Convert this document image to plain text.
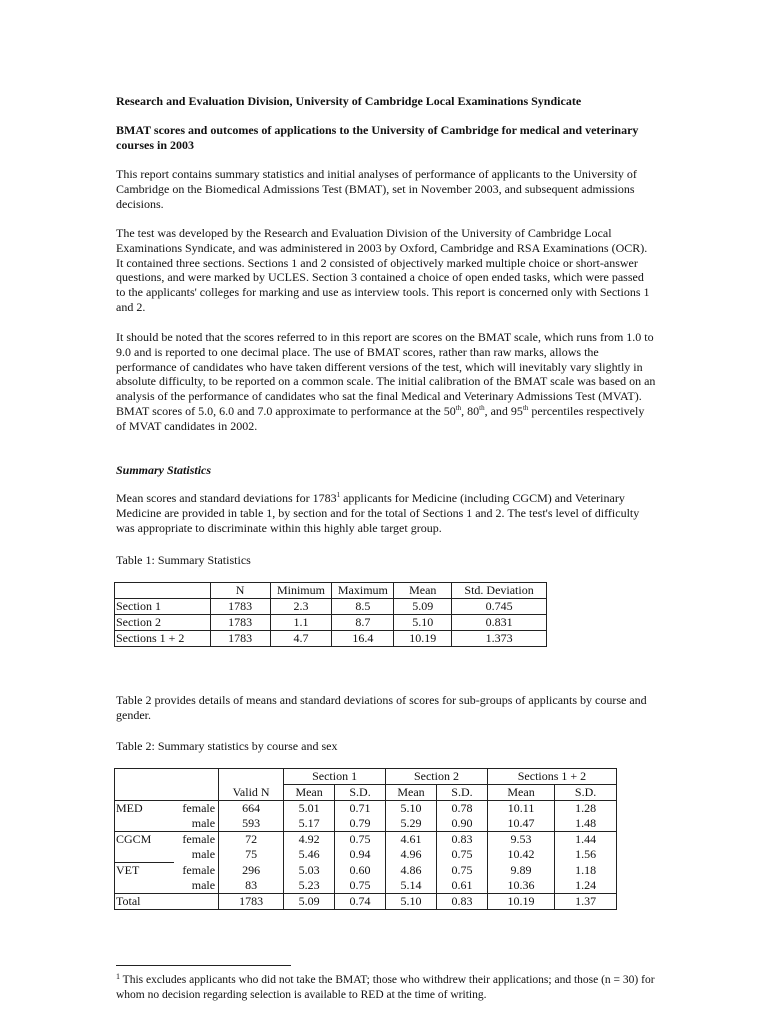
Research and Evaluation Division, University of Cambridge Local Examinations Syndicate

BMAT scores and outcomes of applications to the University of Cambridge for medical and veterinary courses in 2003

This report contains summary statistics and initial analyses of performance of applicants to the University of Cambridge on the Biomedical Admissions Test (BMAT), set in November 2003, and subsequent admissions decisions.

The test was developed by the Research and Evaluation Division of the University of Cambridge Local Examinations Syndicate, and was administered in 2003 by Oxford, Cambridge and RSA Examinations (OCR). It contained three sections. Sections 1 and 2 consisted of objectively marked multiple choice or short-answer questions, and were marked by UCLES. Section 3 contained a choice of open ended tasks, which were passed to the applicants' colleges for marking and use as interview tools. This report is concerned only with Sections 1 and 2.

It should be noted that the scores referred to in this report are scores on the BMAT scale, which runs from 1.0 to 9.0 and is reported to one decimal place. The use of BMAT scores, rather than raw marks, allows the performance of candidates who have taken different versions of the test, which will inevitably vary slightly in absolute difficulty, to be reported on a common scale. The initial calibration of the BMAT scale was based on an analysis of the performance of candidates who sat the final Medical and Veterinary Admissions Test (MVAT). BMAT scores of 5.0, 6.0 and 7.0 approximate to performance at the 50th, 80th, and 95th percentiles respectively of MVAT candidates in 2002.

Summary Statistics

Mean scores and standard deviations for 1783$^1$ applicants for Medicine (including CGCM) and Veterinary Medicine are provided in table 1, by section and for the total of Sections 1 and 2. The test's level of difficulty was appropriate to discriminate within this highly able target group.

Table 1: Summary Statistics

	N	Minimum	Maximum	Mean	Std. Deviation
Section 1	1783	2.3	8.5	5.09	0.745
Section 2	1783	1.1	8.7	5.10	0.831
Sections 1 + 2	1783	4.7	16.4	10.19	1.373

Table 2 provides details of means and standard deviations of scores for sub-groups of applicants by course and gender.

Table 2: Summary statistics by course and sex

			Section 1		Section 2		Sections 1 + 2	
		Valid N	Mean	S.D.	Mean	S.D.	Mean	S.D.
MED	female	664	5.01	0.71	5.10	0.78	10.11	1.28
	male	593	5.17	0.79	5.29	0.90	10.47	1.48
CGCM	female	72	4.92	0.75	4.61	0.83	9.53	1.44
	male	75	5.46	0.94	4.96	0.75	10.42	1.56
VET	female	296	5.03	0.60	4.86	0.75	9.89	1.18
	male	83	5.23	0.75	5.14	0.61	10.36	1.24
Total		1783	5.09	0.74	5.10	0.83	10.19	1.37

$^1$ This excludes applicants who did not take the BMAT; those who withdrew their applications; and those (n = 30) for whom no decision regarding selection is available to RED at the time of writing.
